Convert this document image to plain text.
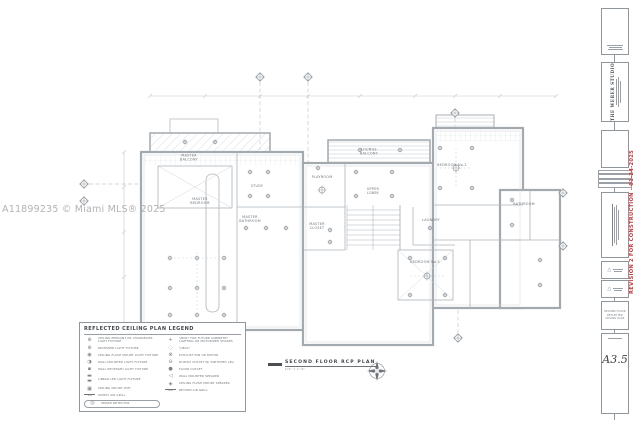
MASTER BALCONY
MASTER BEDROOM
STUDY
MASTER BATHROOM
PLAYROOM
LOUNGE BALCONY
UPPER LOBBY
MASTER CLOSET
LAUNDRY
BEDROOM No.2
BEDROOM No.3
BATHROOM
A11899235 © Miami MLS® 2025
REFLECTED CEILING PLAN LEGEND
⊕	CEILING PENDANT OR CHANDELIER LIGHT FIXTURE
⊕	RECESSED LIGHT FIXTURE
◉	CEILING FLUSH MOUNT LIGHT FIXTURE
◑	WALL MOUNTED LIGHT FIXTURE
▪	WALL RECESSED LIGHT FIXTURE
▬ ▬	LINEAR LED LIGHT FIXTURE
▣	CEILING MOUNT WIFI
S/A	SUPPLY AIR GRILL
◎	SMOKE DETECTOR
+	"JBOX" FOR FUTURE CABINETRY LIGHTING OR MOTORIZED SHADES
◌	"J-BOX"
⊗	EXHAUST FAN OR MOTOR
⊖	DUPLEX OUTLET W/ SWITCHED LEG
●	FLOOR OUTLET
◁	WALL MOUNTED SPEAKER
◈	CEILING FLUSH MOUNT SPEAKER
R/A	RETURN AIR GRILL
SECOND FLOOR RCP PLAN
1/4" = 1'-0"
THE WEBER STUDIO
△
△
SECOND FLOOR
REFLECTED
CEILING PLAN
A3.5
REVISION 2 FOR CONSTRUCTION - 01-24-2025
